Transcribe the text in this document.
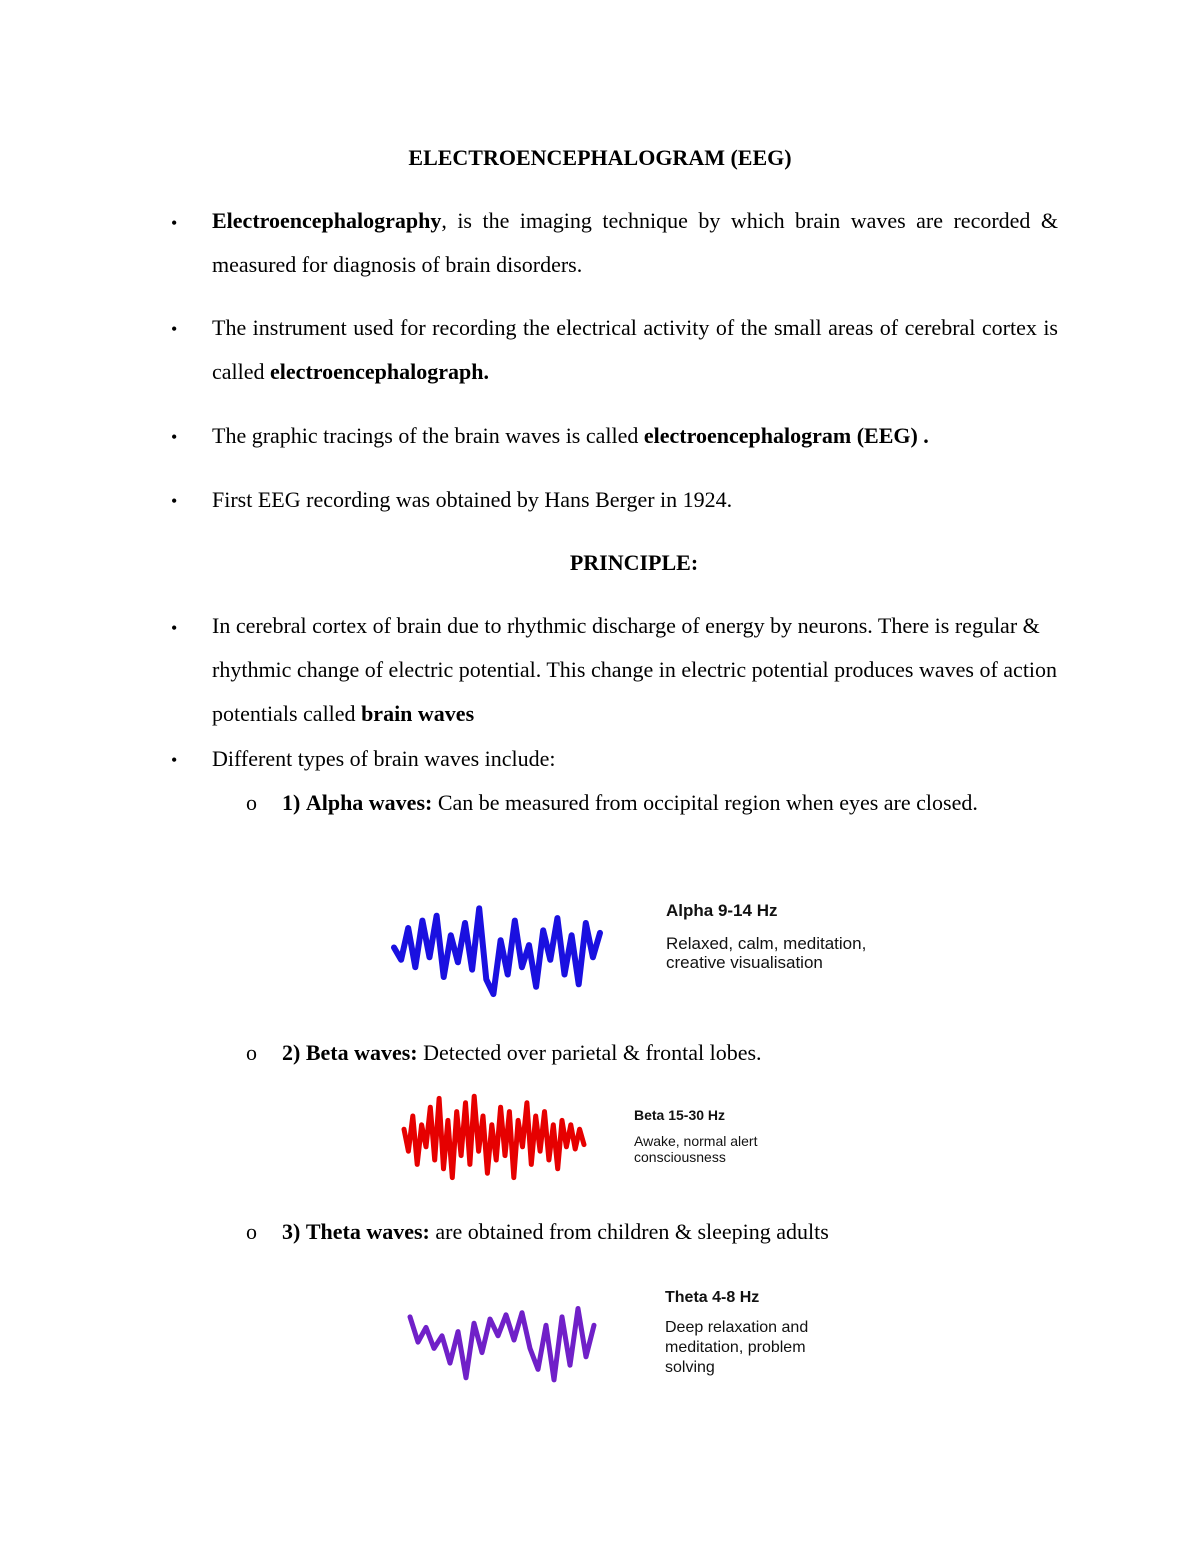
ELECTROENCEPHALOGRAM (EEG)
• Electroencephalography, is the imaging technique by which brain waves are recorded & measured for diagnosis of brain disorders.
• The instrument used for recording the electrical activity of the small areas of cerebral cortex is called electroencephalograph.
• The graphic tracings of the brain waves is called electroencephalogram (EEG) .
• First EEG recording was obtained by Hans Berger in 1924.
PRINCIPLE:
• In cerebral cortex of brain due to rhythmic discharge of energy by neurons. There is regular & rhythmic change of electric potential. This change in electric potential produces waves of action potentials called brain waves
• Different types of brain waves include:
o 1) Alpha waves: Can be measured from occipital region when eyes are closed.
Alpha 9-14 Hz
Relaxed, calm, meditation,
creative visualisation
o 2) Beta waves: Detected over parietal & frontal lobes.
Beta 15-30 Hz
Awake, normal alert
consciousness
o 3) Theta waves: are obtained from children & sleeping adults
Theta 4-8 Hz
Deep relaxation and
meditation, problem
solving
